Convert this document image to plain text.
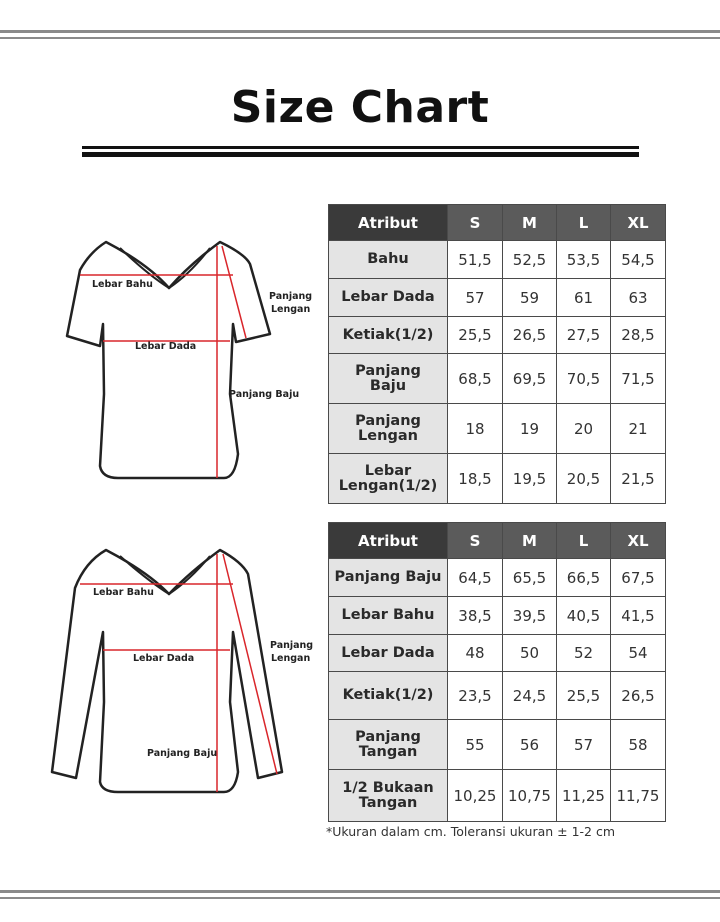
Size Chart
Lebar Bahu
Panjang
Lengan
Lebar Dada
Panjang Baju
Lebar Bahu
Panjang
Lengan
Lebar Dada
Panjang Baju
Atribut	S	M	L	XL
Bahu	51,5	52,5	53,5	54,5
Lebar Dada	57	59	61	63
Ketiak(1/2)	25,5	26,5	27,5	28,5
Panjang
Baju	68,5	69,5	70,5	71,5
Panjang
Lengan	18	19	20	21
Lebar
Lengan(1/2)	18,5	19,5	20,5	21,5
Atribut	S	M	L	XL
Panjang Baju	64,5	65,5	66,5	67,5
Lebar Bahu	38,5	39,5	40,5	41,5
Lebar Dada	48	50	52	54
Ketiak(1/2)	23,5	24,5	25,5	26,5
Panjang
Tangan	55	56	57	58
1/2 Bukaan
Tangan	10,25	10,75	11,25	11,75
*Ukuran dalam cm. Toleransi ukuran ± 1-2 cm
